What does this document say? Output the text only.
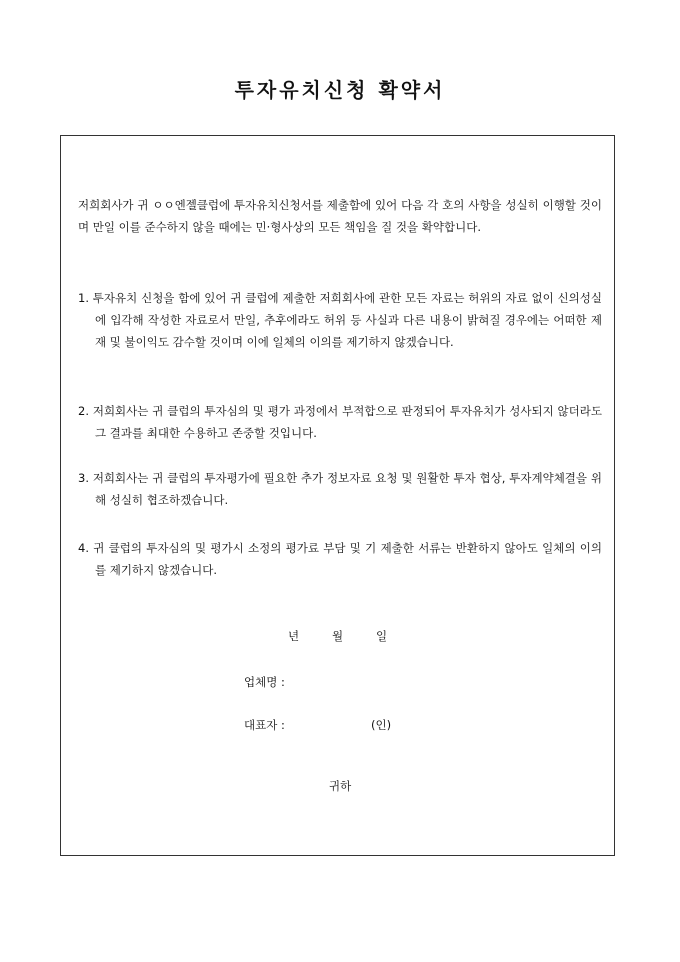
투자유치신청 확약서
저희회사가 귀 ㅇㅇ엔젤클럽에 투자유치신청서를 제출함에 있어 다음 각 호의 사항을 성실히 이행할 것이며 만일 이를 준수하지 않을 때에는 민·형사상의 모든 책임을 질 것을 확약합니다.
1. 투자유치 신청을 함에 있어 귀 클럽에 제출한 저희회사에 관한 모든 자료는 허위의 자료 없이 신의성실에 입각해 작성한 자료로서 만일, 추후에라도 허위 등 사실과 다른 내용이 밝혀질 경우에는 어떠한 제재 및 불이익도 감수할 것이며 이에 일체의 이의를 제기하지 않겠습니다.
2. 저희회사는 귀 클럽의 투자심의 및 평가 과정에서 부적합으로 판정되어 투자유치가 성사되지 않더라도 그 결과를 최대한 수용하고 존중할 것입니다.
3. 저희회사는 귀 클럽의 투자평가에 필요한 추가 정보자료 요청 및 원활한 투자 협상, 투자계약체결을 위해 성실히 협조하겠습니다.
4. 귀 클럽의 투자심의 및 평가시 소정의 평가료 부담 및 기 제출한 서류는 반환하지 않아도 일체의 이의를 제기하지 않겠습니다.
년	월	일
업체명 :
대표자 :	(인)
귀하
